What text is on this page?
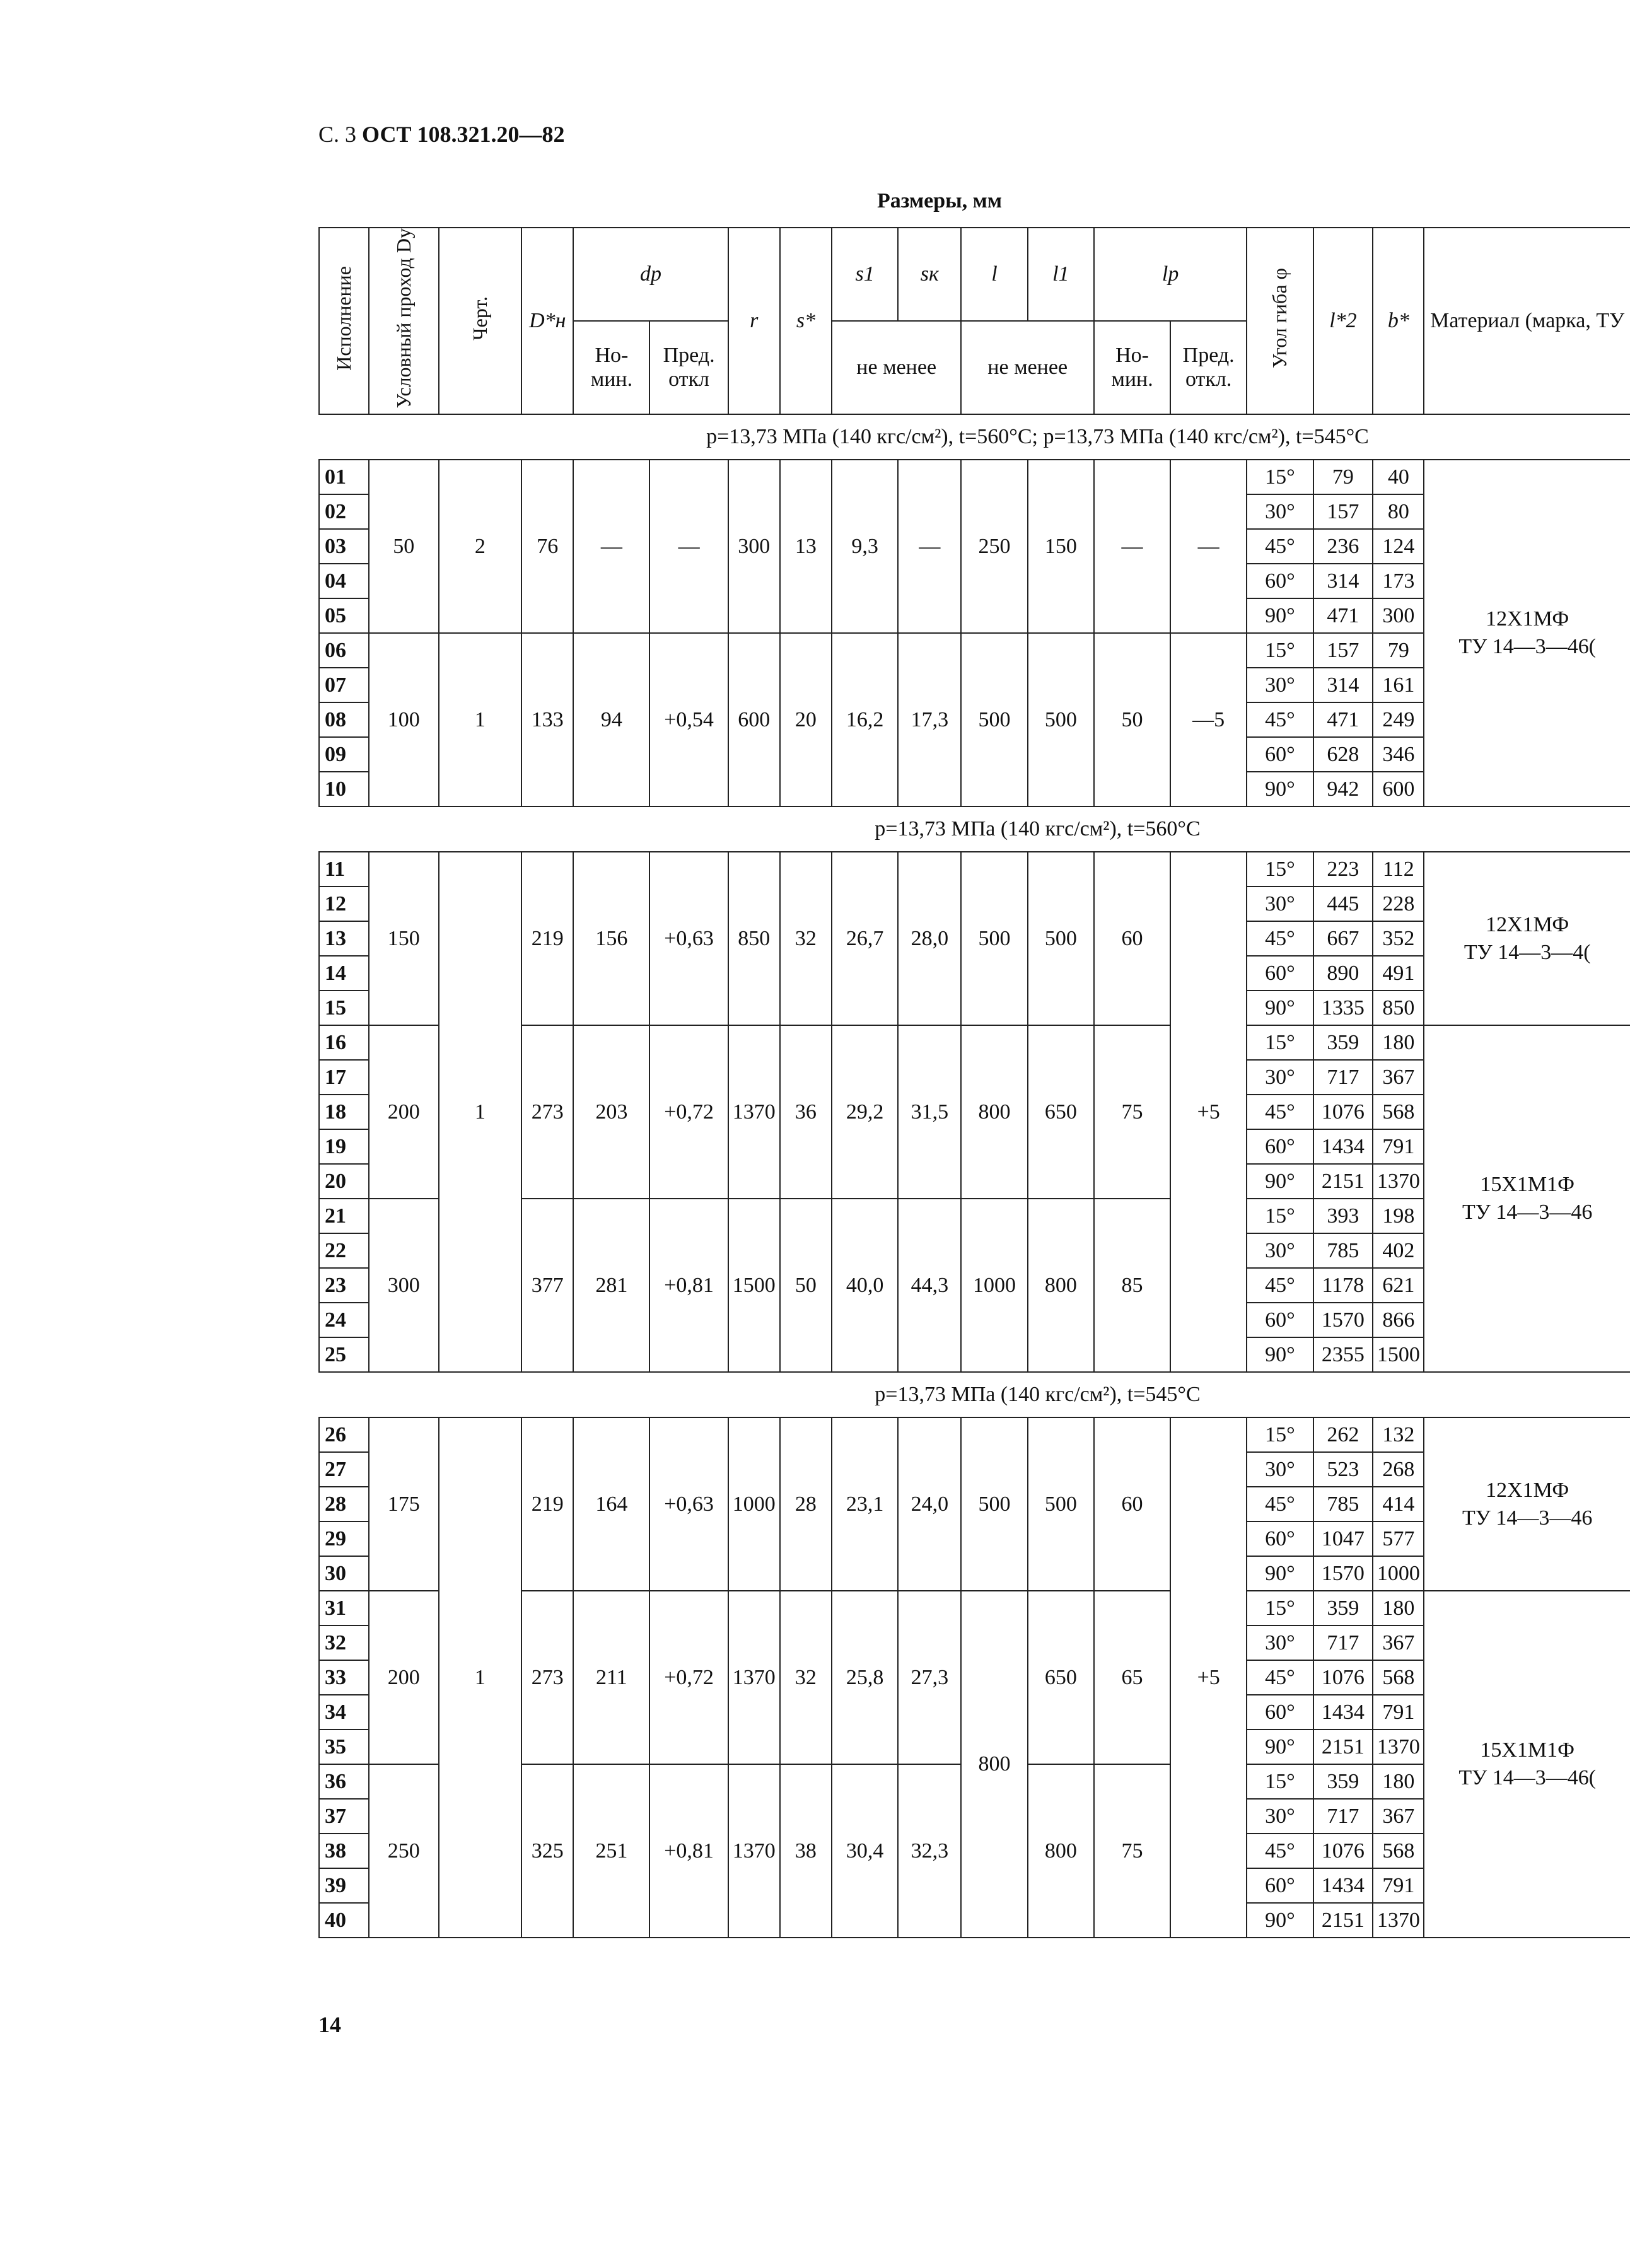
С. 3 ОСТ 108.321.20—82
Размеры, мм
Исполнение	Условный проход Dу	Черт.	D*н	dр		r	s*	s1	sк	l	l1	lр		Угол гиба φ	l*2	b*	Материал (марка, ТУ
				Но- мин.	Пред. откл			не менее		не менее		Но- мин.	Пред. откл.				
p=13,73 МПа (140 кгс/см²), t=560°C; p=13,73 МПа (140 кгс/см²), t=545°C																	
01	50	2	76	—	—	300	13	9,3	—	250	150	—	—	15°	79	40	12Х1МФ
ТУ 14—3—46(

02														30°	157	80	
03														45°	236	124	
04														60°	314	173	
05														90°	471	300	
06	100	1	133	94	+0,54	600	20	16,2	17,3	500	500	50	—5	15°	157	79	
07														30°	314	161	
08														45°	471	249	
09														60°	628	346	
10														90°	942	600	
p=13,73 МПа (140 кгс/см²), t=560°C																	
11	150	1	219	156	+0,63	850	32	26,7	28,0	500	500	60	+5	15°	223	112	12Х1МФ
ТУ 14—3—4(

12														30°	445	228	
13														45°	667	352	
14														60°	890	491	
15														90°	1335	850	
16	200		273	203	+0,72	1370	36	29,2	31,5	800	650	75		15°	359	180	15Х1М1Ф
ТУ 14—3—46

17														30°	717	367	
18														45°	1076	568	
19														60°	1434	791	
20														90°	2151	1370	
21	300		377	281	+0,81	1500	50	40,0	44,3	1000	800	85		15°	393	198	
22														30°	785	402	
23														45°	1178	621	
24														60°	1570	866	
25														90°	2355	1500	
p=13,73 МПа (140 кгс/см²), t=545°C																	
26	175	1	219	164	+0,63	1000	28	23,1	24,0	500	500	60	+5	15°	262	132	12Х1МФ
ТУ 14—3—46

27														30°	523	268	
28														45°	785	414	
29														60°	1047	577	
30														90°	1570	1000	
31	200		273	211	+0,72	1370	32	25,8	27,3	800	650	65		15°	359	180	15Х1М1Ф
ТУ 14—3—46(

32														30°	717	367	
33														45°	1076	568	
34														60°	1434	791	
35														90°	2151	1370	
36	250		325	251	+0,81	1370	38	30,4	32,3		800	75		15°	359	180	
37														30°	717	367	
38														45°	1076	568	
39														60°	1434	791	
40														90°	2151	1370	
14
